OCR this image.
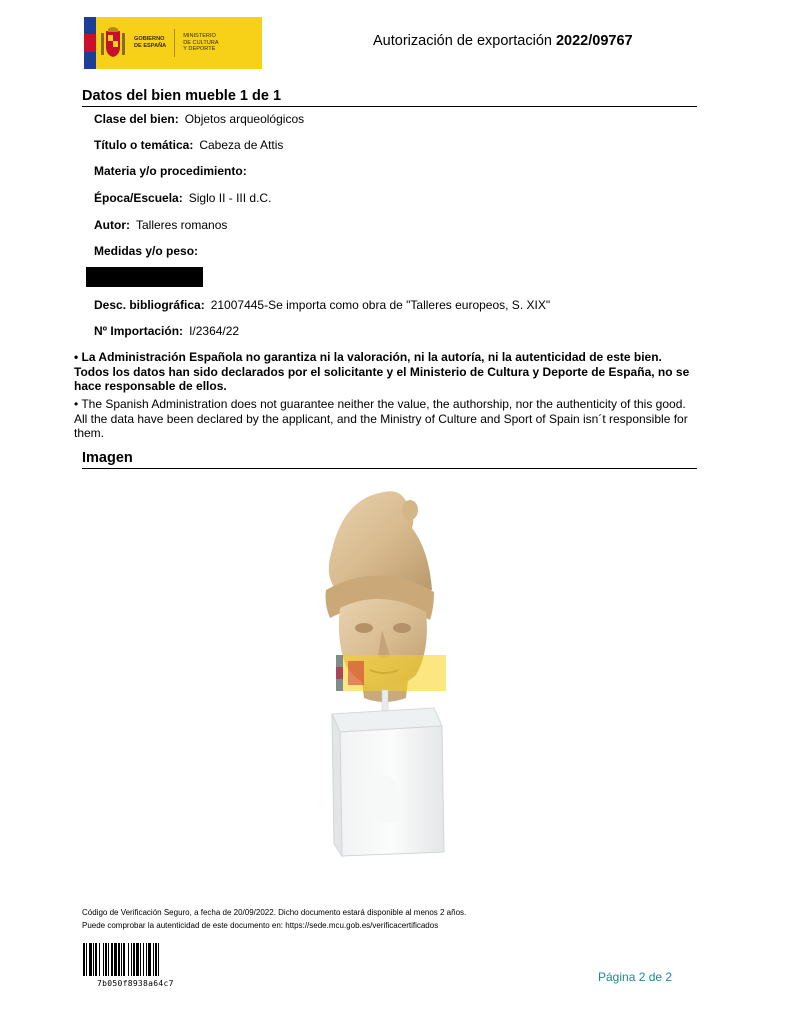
GOBIERNO
DE ESPAÑA
MINISTERIO
DE CULTURA
Y DEPORTE
Autorización de exportación 2022/09767
Datos del bien mueble 1 de 1
Clase del bien: Objetos arqueológicos
Título o temática: Cabeza de Attis
Materia y/o procedimiento:
Época/Escuela: Siglo II - III d.C.
Autor: Talleres romanos
Medidas y/o peso:
Desc. bibliográfica: 21007445-Se importa como obra de "Talleres europeos, S. XIX"
Nº Importación: I/2364/22
• La Administración Española no garantiza ni la valoración, ni la autoría, ni la autenticidad de este bien. Todos los datos han sido declarados por el solicitante y el Ministerio de Cultura y Deporte de España, no se hace responsable de ellos.
• The Spanish Administration does not guarantee neither the value, the authorship, nor the authenticity of this good. All the data have been declared by the applicant, and the Ministry of Culture and Sport of Spain isn´t responsible for them.
Imagen
Código de Verificación Seguro, a fecha de 20/09/2022. Dicho documento estará disponible al menos 2 años.
Puede comprobar la autenticidad de este documento en: https://sede.mcu.gob.es/verificacertificados
7b050f8938a64c7	Página 2 de 2
